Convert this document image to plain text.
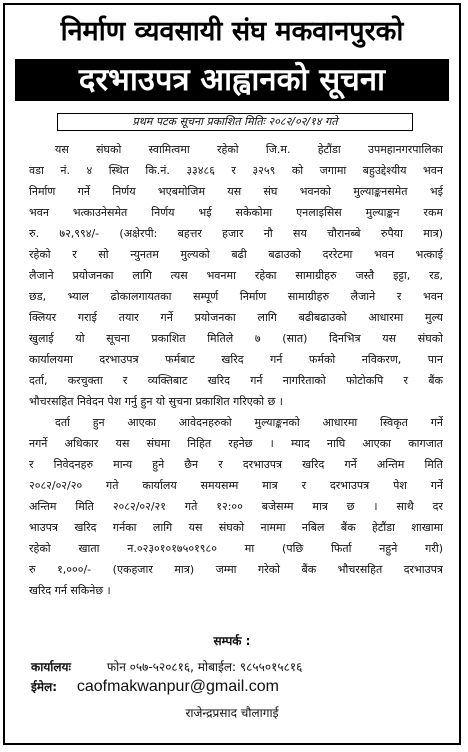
निर्माण व्यवसायी संघ मकवानपुरको
दरभाउपत्र आह्वानको सूचना
प्रथम पटक सूचना प्रकाशित मितिः २०८२/०२/१४ गते
यस संघको स्वामित्वमा रहेको जि.म. हेटौंडा उपमहानगरपालिका
वडा नं. ४ स्थित कि.नं. ३३४८६ र ३२५९ को जगामा बहुउद्देश्यीय भवन
निर्माण गर्ने निर्णय भएबमोजिम यस संघ भवनको मुल्याङ्कनसमेत भई
भवन भत्काउनेसमेत निर्णय भई सकेकोमा एनलाइसिस मुल्याङ्कन रकम
रु. ७२,९९४/- (अक्षेरपी: बहत्तर हजार नौ सय चौरानब्बे रुपैया मात्र)
रहेको र सो न्युनतम मुल्यको बढी बढाउको दररेटमा भवन भत्काई
लैजाने प्रयोजनका लागि त्यस भवनमा रहेका सामाग्रीहरु जस्तै इट्टा, रड,
छड, भ्याल ढोकालगायतका सम्पूर्ण निर्माण सामाग्रीहरु लैजाने र भवन
क्लियर गराई तयार गर्ने प्रयोजनका लागि बढीबढाउको आधारमा मुल्य
खुलाई यो सूचना प्रकाशित मितिले ७ (सात) दिनभित्र यस संघको
कार्यालयमा दरभाउपत्र फर्मबाट खरिद गर्न फर्मको नविकरण, पान
दर्ता, करचुक्ता र व्यक्तिबाट खरिद गर्न नागरिताको फोटोकपि र बैंक
भौचरसहित निवेदन पेश गर्नु हुन यो सुचना प्रकाशित गरिएको छ ।
दर्ता हुन आएका आवेदनहरुको मुल्याङ्कनको आधारमा स्विकृत गर्ने
नगर्ने अधिकार यस संघमा निहित रहनेछ । म्याद नाघि आएका कागजात
र निवेदनहरु मान्य हुने छैन र दरभाउपत्र खरिद गर्ने अन्तिम मिति
२०८२/०२/२० गते कार्यालय समयसम्म मात्र र दरभाउपत्र पेश गर्ने
अन्तिम मिति २०८२/०२/२१ गते १२:०० बजेसम्म मात्र छ । साथै दर
भाउपत्र खरिद गर्नका लागि यस संघको नाममा नबिल बैंक हेटौंडा शाखामा
रहेको खाता न.०२३०१०१७५०१९८० मा (पछि फिर्ता नहुने गरी)
रु १,०००/- (एकहजार मात्र) जम्मा गरेको बैंक भौचरसहित दरभाउपत्र
खरिद गर्न सकिनेछ ।
सम्पर्क :
कार्यालयः	फोन ०५७-५२०८१६, मोबाईल: ९८५५०१५८१६
ईमेल: caofmakwanpur@gmail.com
राजेन्द्रप्रसाद चौलागाई
